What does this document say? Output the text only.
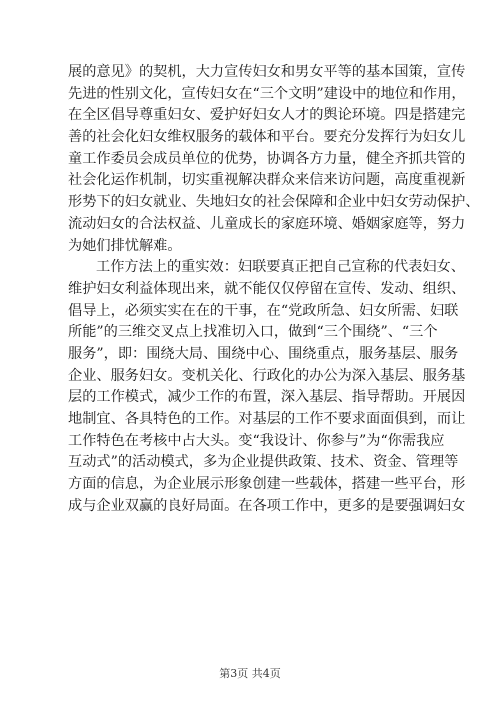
展的意见》的契机，大力宣传妇女和男女平等的基本国策，宣传
先进的性别文化，宣传妇女在“三个文明”建设中的地位和作用，
在全区倡导尊重妇女、爱护好妇女人才的舆论环境。四是搭建完
善的社会化妇女维权服务的载体和平台。要充分发挥行为妇女儿
童工作委员会成员单位的优势，协调各方力量，健全齐抓共管的
社会化运作机制，切实重视解决群众来信来访问题，高度重视新
形势下的妇女就业、失地妇女的社会保障和企业中妇女劳动保护、
流动妇女的合法权益、儿童成长的家庭环境、婚姻家庭等，努力
为她们排忧解难。
工作方法上的重实效：妇联要真正把自己宣称的代表妇女、
维护妇女利益体现出来，就不能仅仅停留在宣传、发动、组织、
倡导上，必须实实在在的干事，在“党政所急、妇女所需、妇联
所能”的三维交叉点上找准切入口，做到“三个围绕”、“三个
服务”，即：围绕大局、围绕中心、围绕重点，服务基层、服务
企业、服务妇女。变机关化、行政化的办公为深入基层、服务基
层的工作模式，减少工作的布置，深入基层、指导帮助。开展因
地制宜、各具特色的工作。对基层的工作不要求面面俱到，而让
工作特色在考核中占大头。变“我设计、你参与”为“你需我应
互动式”的活动模式，多为企业提供政策、技术、资金、管理等
方面的信息，为企业展示形象创建一些载体，搭建一些平台，形
成与企业双赢的良好局面。在各项工作中，更多的是要强调妇女
第3页 共4页
